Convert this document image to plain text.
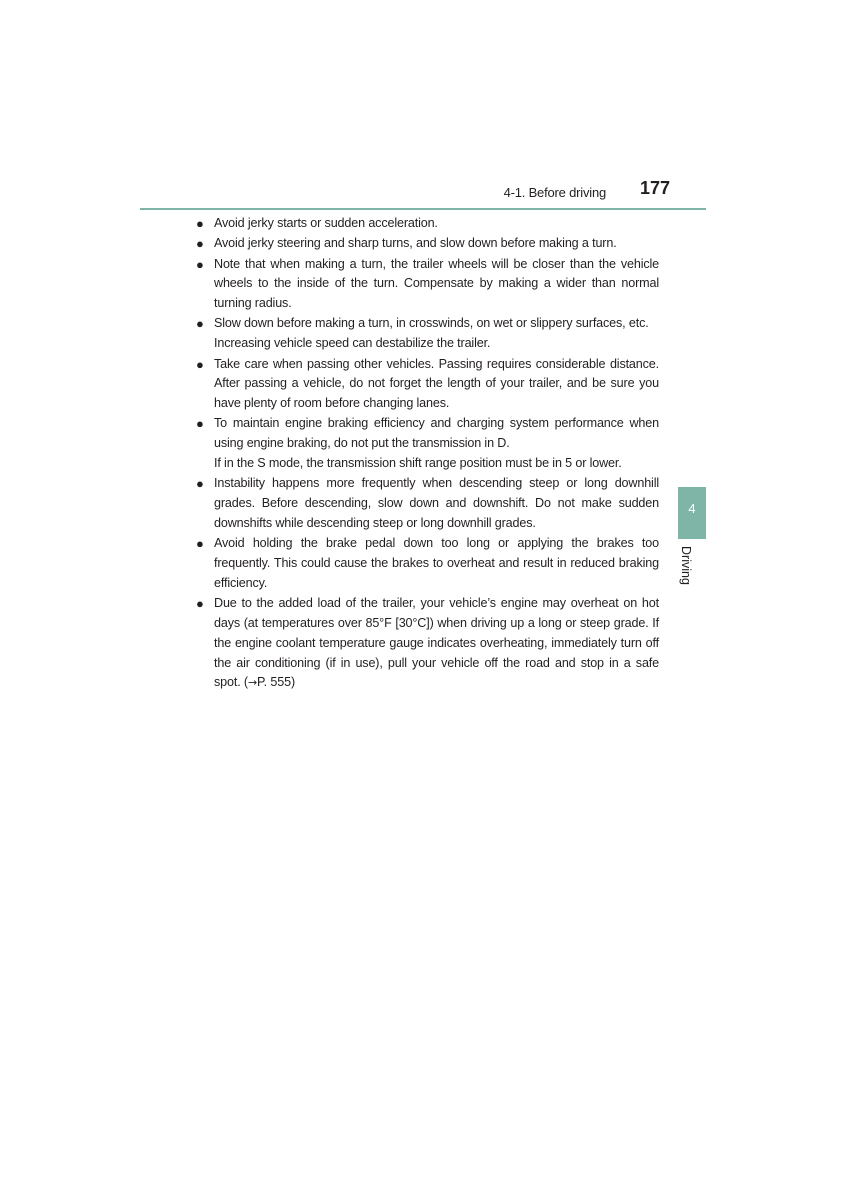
4-1. Before driving 177
● Avoid jerky starts or sudden acceleration.

● Avoid jerky steering and sharp turns, and slow down before making a turn.

● Note that when making a turn, the trailer wheels will be closer than the vehicle wheels to the inside of the turn. Compensate by making a wider than normal turning radius.

● Slow down before making a turn, in crosswinds, on wet or slippery surfaces, etc.

Increasing vehicle speed can destabilize the trailer.

● Take care when passing other vehicles. Passing requires considerable distance. After passing a vehicle, do not forget the length of your trailer, and be sure you have plenty of room before changing lanes.

● To maintain engine braking efficiency and charging system performance when using engine braking, do not put the transmission in D.

If in the S mode, the transmission shift range position must be in 5 or lower.

● Instability happens more frequently when descending steep or long downhill grades. Before descending, slow down and downshift. Do not make sudden downshifts while descending steep or long downhill grades.

● Avoid holding the brake pedal down too long or applying the brakes too frequently. This could cause the brakes to overheat and result in reduced braking efficiency.

● Due to the added load of the trailer, your vehicle’s engine may overheat on hot days (at temperatures over 85°F [30°C]) when driving up a long or steep grade. If the engine coolant temperature gauge indicates overheating, immediately turn off the air conditioning (if in use), pull your vehicle off the road and stop in a safe spot. (→P. 555)

4
Driving
